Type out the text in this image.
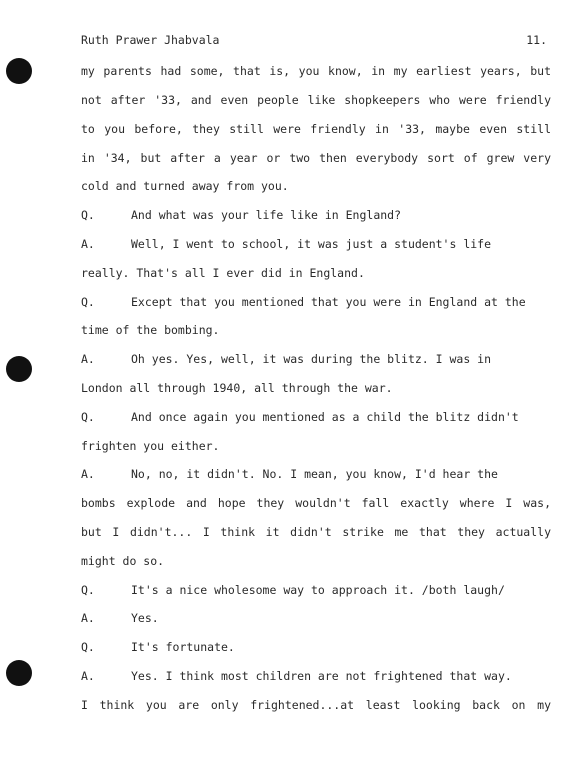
Ruth Prawer Jhabvala	11.
my parents had some, that is, you know, in my earliest years, but
not after '33, and even people like shopkeepers who were friendly
to you before, they still were friendly in '33, maybe even still
in '34, but after a year or two then everybody sort of grew very
cold and turned away from you.
Q.	And what was your life like in England?
A.	Well, I went to school, it was just a student's life
really. That's all I ever did in England.
Q.	Except that you mentioned that you were in England at the
time of the bombing.
A.	Oh yes. Yes, well, it was during the blitz. I was in
London all through 1940, all through the war.
Q.	And once again you mentioned as a child the blitz didn't
frighten you either.
A.	No, no, it didn't. No. I mean, you know, I'd hear the
bombs explode and hope they wouldn't fall exactly where I was,
but I didn't... I think it didn't strike me that they actually
might do so.
Q.	It's a nice wholesome way to approach it. /both laugh/
A.	Yes.
Q.	It's fortunate.
A.	Yes. I think most children are not frightened that way.
I think you are only frightened...at least looking back on my
